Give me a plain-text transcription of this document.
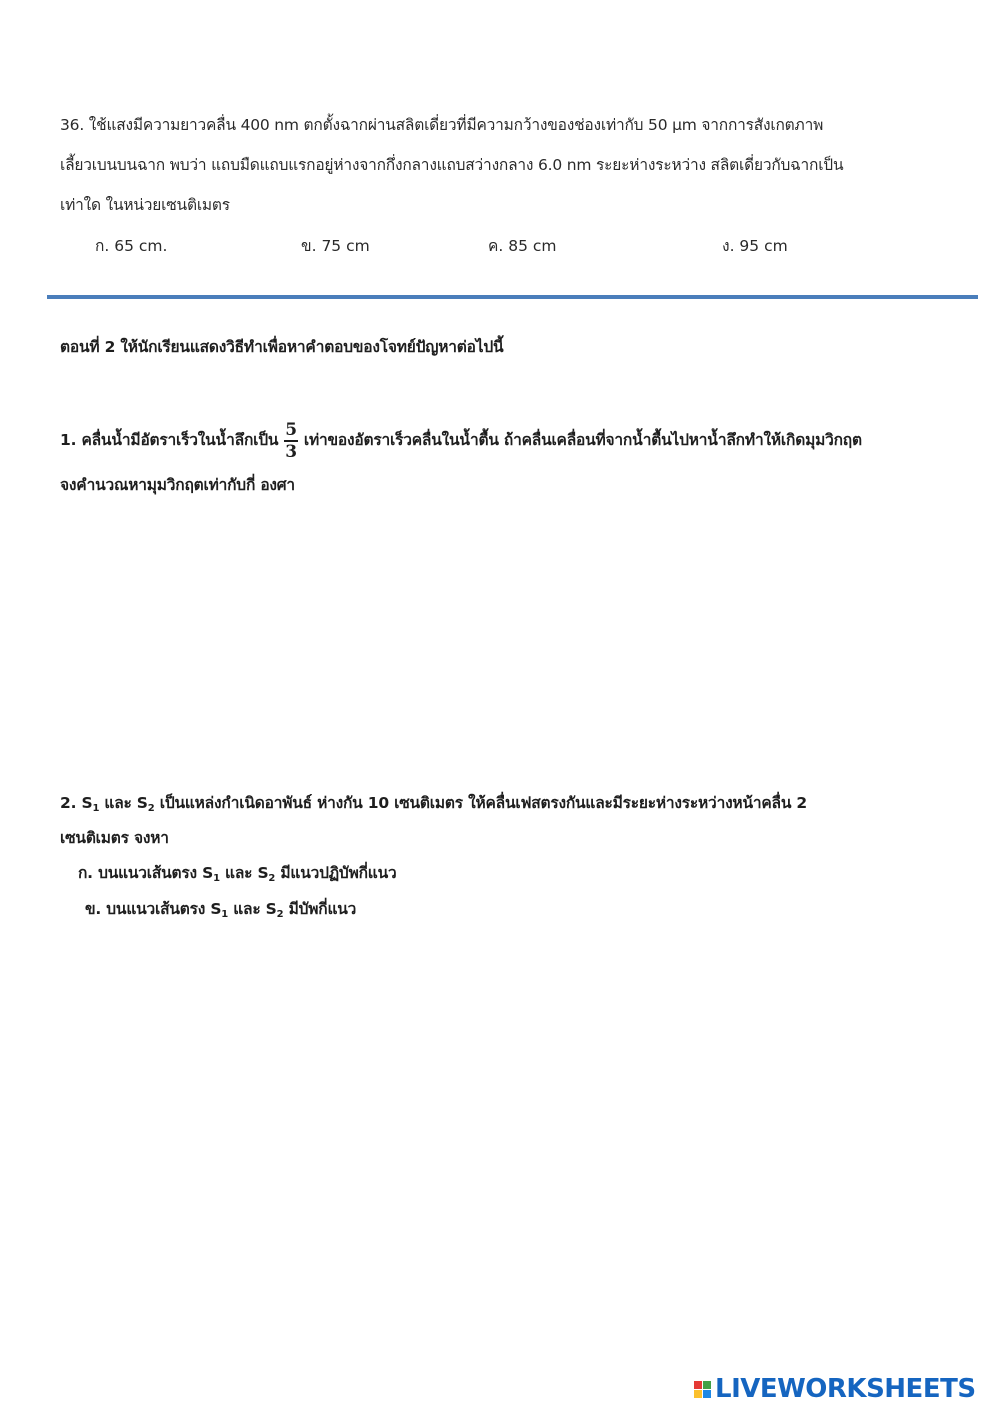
36. ใช้แสงมีความยาวคลื่น 400 nm ตกตั้งฉากผ่านสลิตเดี่ยวที่มีความกว้างของช่องเท่ากับ 50 μm จากการสังเกตภาพ
เลี้ยวเบนบนฉาก พบว่า แถบมืดแถบแรกอยู่ห่างจากกึ่งกลางแถบสว่างกลาง 6.0 nm ระยะห่างระหว่าง สลิตเดี่ยวกับฉากเป็น
เท่าใด ในหน่วยเซนติเมตร
ก. 65 cm.	ข. 75 cm	ค. 85 cm	ง. 95 cm
ตอนที่ 2 ให้นักเรียนแสดงวิธีทำเพื่อหาคำตอบของโจทย์ปัญหาต่อไปนี้
1. คลื่นน้ำมีอัตราเร็วในน้ำลึกเป็น $\frac{5}{3}$ เท่าของอัตราเร็วคลื่นในน้ำตื้น ถ้าคลื่นเคลื่อนที่จากน้ำตื้นไปหาน้ำลึกทำให้เกิดมุมวิกฤต
จงคำนวณหามุมวิกฤตเท่ากับกี่ องศา
2. $S_1$ และ $S_2$ เป็นแหล่งกำเนิดอาพันธ์ ห่างกัน 10 เซนติเมตร ให้คลื่นเฟสตรงกันและมีระยะห่างระหว่างหน้าคลื่น 2
เซนติเมตร จงหา
ก. บนแนวเส้นตรง $S_1$ และ $S_2$ มีแนวปฏิบัพกี่แนว
ข. บนแนวเส้นตรง $S_1$ และ $S_2$ มีบัพกี่แนว
LIVEWORKSHEETS
